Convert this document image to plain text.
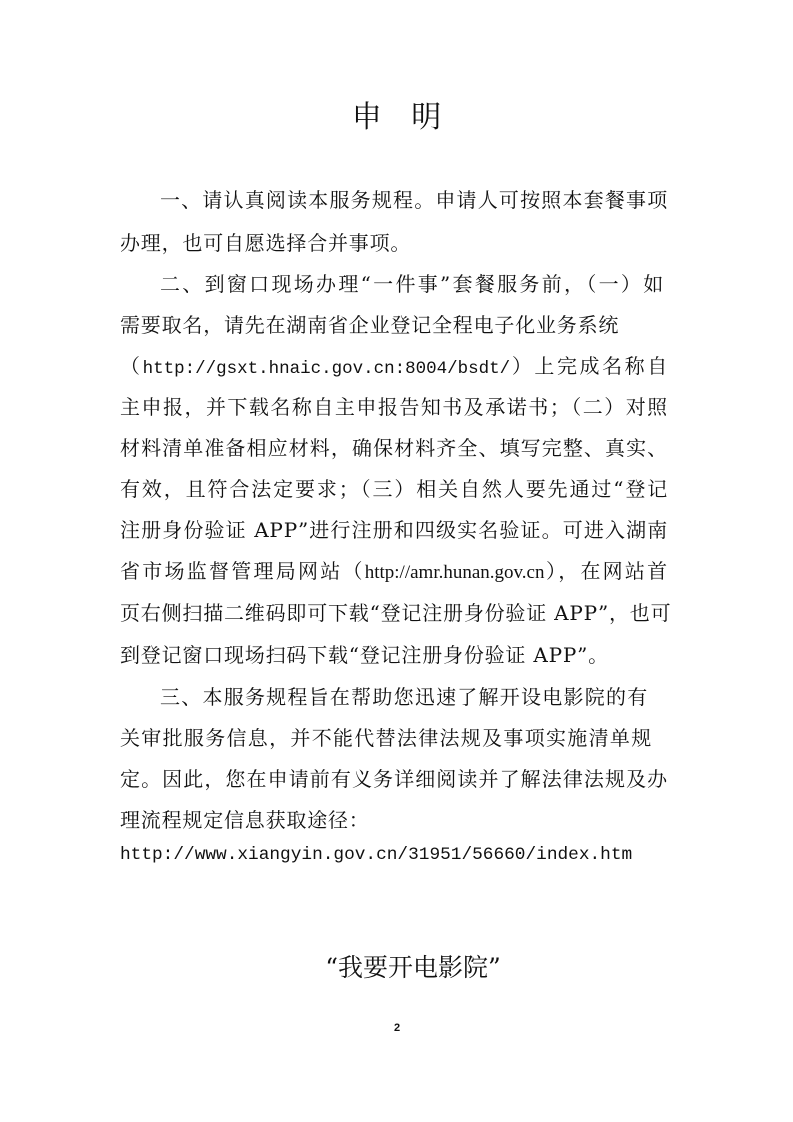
申 明
一、请认真阅读本服务规程。申请人可按照本套餐事项
办理，也可自愿选择合并事项。
二、到窗口现场办理“一件事”套餐服务前，（一）如
需要取名，请先在湖南省企业登记全程电子化业务系统
（http://gsxt.hnaic.gov.cn:8004/bsdt/）上完成名称自
主申报，并下载名称自主申报告知书及承诺书；（二）对照
材料清单准备相应材料，确保材料齐全、填写完整、真实、
有效，且符合法定要求；（三）相关自然人要先通过“登记
注册身份验证 APP”进行注册和四级实名验证。可进入湖南
省市场监督管理局网站（http://amr.hunan.gov.cn），在网站首
页右侧扫描二维码即可下载“登记注册身份验证 APP”，也可
到登记窗口现场扫码下载“登记注册身份验证 APP”。
三、本服务规程旨在帮助您迅速了解开设电影院的有
关审批服务信息，并不能代替法律法规及事项实施清单规
定。因此，您在申请前有义务详细阅读并了解法律法规及办
理流程规定信息获取途径：
http://www.xiangyin.gov.cn/31951/56660/index.htm
“我要开电影院”
2
